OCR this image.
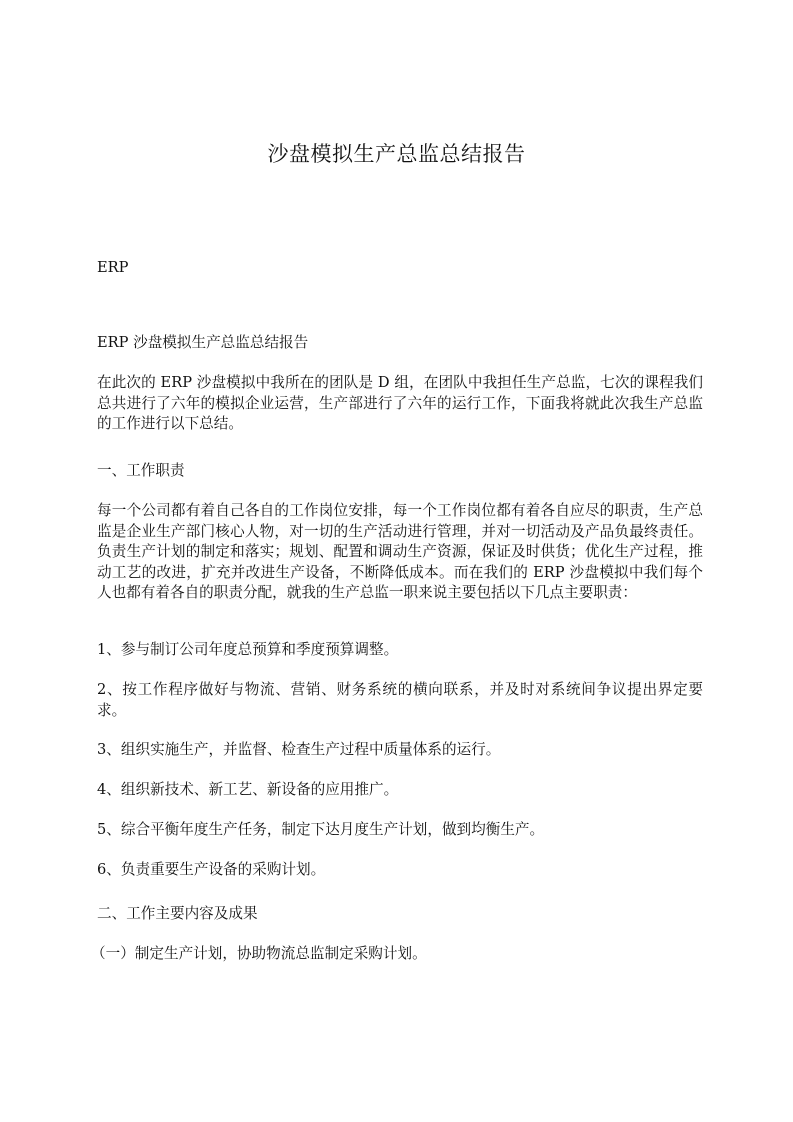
沙盘模拟生产总监总结报告

ERP

ERP 沙盘模拟生产总监总结报告

在此次的 ERP 沙盘模拟中我所在的团队是 D 组，在团队中我担任生产总监，七次的课程我们总共进行了六年的模拟企业运营，生产部进行了六年的运行工作，下面我将就此次我生产总监的工作进行以下总结。

一、工作职责

每一个公司都有着自己各自的工作岗位安排，每一个工作岗位都有着各自应尽的职责，生产总监是企业生产部门核心人物，对一切的生产活动进行管理，并对一切活动及产品负最终责任。负责生产计划的制定和落实；规划、配置和调动生产资源，保证及时供货；优化生产过程，推动工艺的改进，扩充并改进生产设备，不断降低成本。而在我们的 ERP 沙盘模拟中我们每个人也都有着各自的职责分配，就我的生产总监一职来说主要包括以下几点主要职责：

1、参与制订公司年度总预算和季度预算调整。

2、按工作程序做好与物流、营销、财务系统的横向联系，并及时对系统间争议提出界定要求。

3、组织实施生产，并监督、检查生产过程中质量体系的运行。

4、组织新技术、新工艺、新设备的应用推广。

5、综合平衡年度生产任务，制定下达月度生产计划，做到均衡生产。

6、负责重要生产设备的采购计划。

二、工作主要内容及成果

（一）制定生产计划，协助物流总监制定采购计划。
